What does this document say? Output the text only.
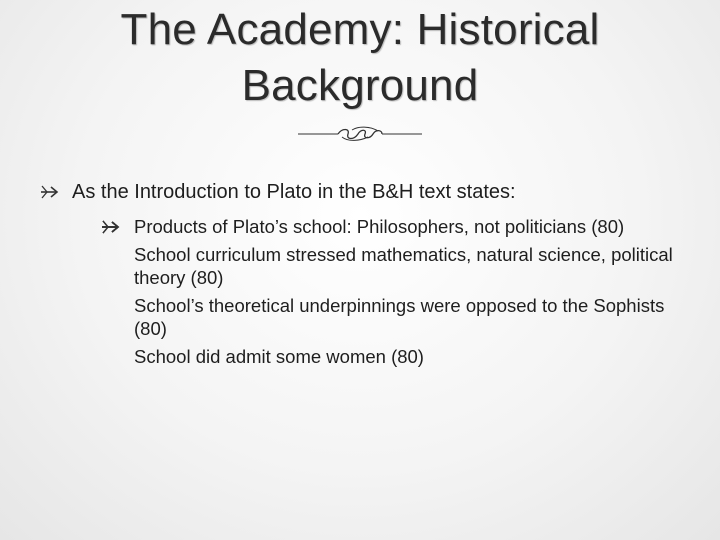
The Academy: Historical Background
As the Introduction to Plato in the B&H text states:
Products of Plato’s school: Philosophers, not politicians (80)
School curriculum stressed mathematics, natural science, political theory (80)
School’s theoretical underpinnings were opposed to the Sophists (80)
School did admit some women (80)
